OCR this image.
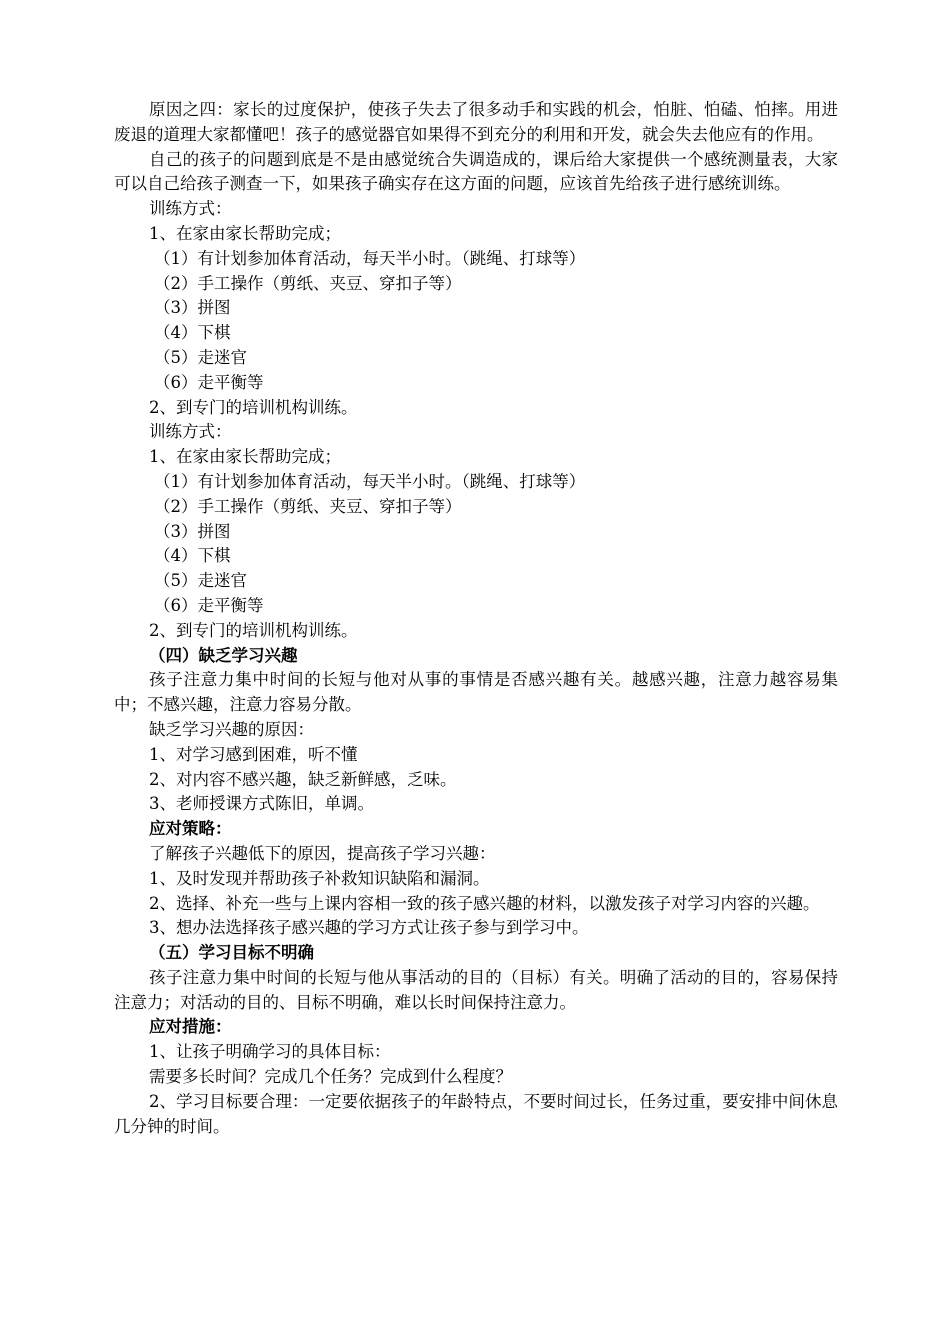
原因之四：家长的过度保护，使孩子失去了很多动手和实践的机会，怕脏、怕磕、怕摔。用进废退的道理大家都懂吧！孩子的感觉器官如果得不到充分的利用和开发，就会失去他应有的作用。

自己的孩子的问题到底是不是由感觉统合失调造成的，课后给大家提供一个感统测量表，大家可以自己给孩子测查一下，如果孩子确实存在这方面的问题，应该首先给孩子进行感统训练。

训练方式：

1、在家由家长帮助完成；

（1）有计划参加体育活动，每天半小时。（跳绳、打球等）

（2）手工操作（剪纸、夹豆、穿扣子等）

（3）拼图

（4）下棋

（5）走迷官

（6）走平衡等

2、到专门的培训机构训练。

训练方式：

1、在家由家长帮助完成；

（1）有计划参加体育活动，每天半小时。（跳绳、打球等）

（2）手工操作（剪纸、夹豆、穿扣子等）

（3）拼图

（4）下棋

（5）走迷官

（6）走平衡等

2、到专门的培训机构训练。

（四）缺乏学习兴趣

孩子注意力集中时间的长短与他对从事的事情是否感兴趣有关。越感兴趣，注意力越容易集中；不感兴趣，注意力容易分散。

缺乏学习兴趣的原因：

1、对学习感到困难，听不懂

2、对内容不感兴趣，缺乏新鲜感，乏味。

3、老师授课方式陈旧，单调。

应对策略：

了解孩子兴趣低下的原因，提高孩子学习兴趣：

1、及时发现并帮助孩子补救知识缺陷和漏洞。

2、选择、补充一些与上课内容相一致的孩子感兴趣的材料，以激发孩子对学习内容的兴趣。

3、想办法选择孩子感兴趣的学习方式让孩子参与到学习中。

（五）学习目标不明确

孩子注意力集中时间的长短与他从事活动的目的（目标）有关。明确了活动的目的，容易保持注意力；对活动的目的、目标不明确，难以长时间保持注意力。

应对措施：

1、让孩子明确学习的具体目标：

需要多长时间？完成几个任务？完成到什么程度？

2、学习目标要合理：一定要依据孩子的年龄特点，不要时间过长，任务过重，要安排中间休息几分钟的时间。
